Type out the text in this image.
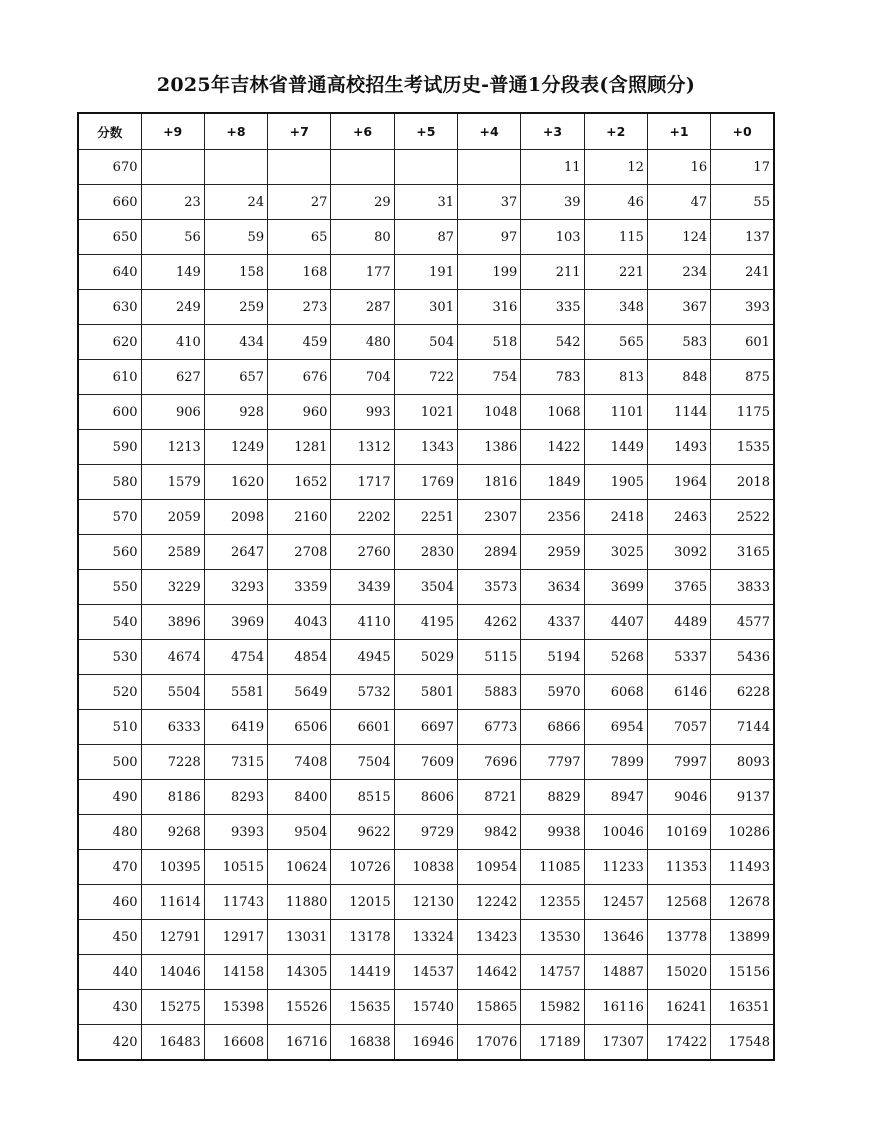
2025年吉林省普通高校招生考试历史-普通1分段表(含照顾分)
分数	+9	+8	+7	+6	+5	+4	+3	+2	+1	+0
670							11	12	16	17
660	23	24	27	29	31	37	39	46	47	55
650	56	59	65	80	87	97	103	115	124	137
640	149	158	168	177	191	199	211	221	234	241
630	249	259	273	287	301	316	335	348	367	393
620	410	434	459	480	504	518	542	565	583	601
610	627	657	676	704	722	754	783	813	848	875
600	906	928	960	993	1021	1048	1068	1101	1144	1175
590	1213	1249	1281	1312	1343	1386	1422	1449	1493	1535
580	1579	1620	1652	1717	1769	1816	1849	1905	1964	2018
570	2059	2098	2160	2202	2251	2307	2356	2418	2463	2522
560	2589	2647	2708	2760	2830	2894	2959	3025	3092	3165
550	3229	3293	3359	3439	3504	3573	3634	3699	3765	3833
540	3896	3969	4043	4110	4195	4262	4337	4407	4489	4577
530	4674	4754	4854	4945	5029	5115	5194	5268	5337	5436
520	5504	5581	5649	5732	5801	5883	5970	6068	6146	6228
510	6333	6419	6506	6601	6697	6773	6866	6954	7057	7144
500	7228	7315	7408	7504	7609	7696	7797	7899	7997	8093
490	8186	8293	8400	8515	8606	8721	8829	8947	9046	9137
480	9268	9393	9504	9622	9729	9842	9938	10046	10169	10286
470	10395	10515	10624	10726	10838	10954	11085	11233	11353	11493
460	11614	11743	11880	12015	12130	12242	12355	12457	12568	12678
450	12791	12917	13031	13178	13324	13423	13530	13646	13778	13899
440	14046	14158	14305	14419	14537	14642	14757	14887	15020	15156
430	15275	15398	15526	15635	15740	15865	15982	16116	16241	16351
420	16483	16608	16716	16838	16946	17076	17189	17307	17422	17548
